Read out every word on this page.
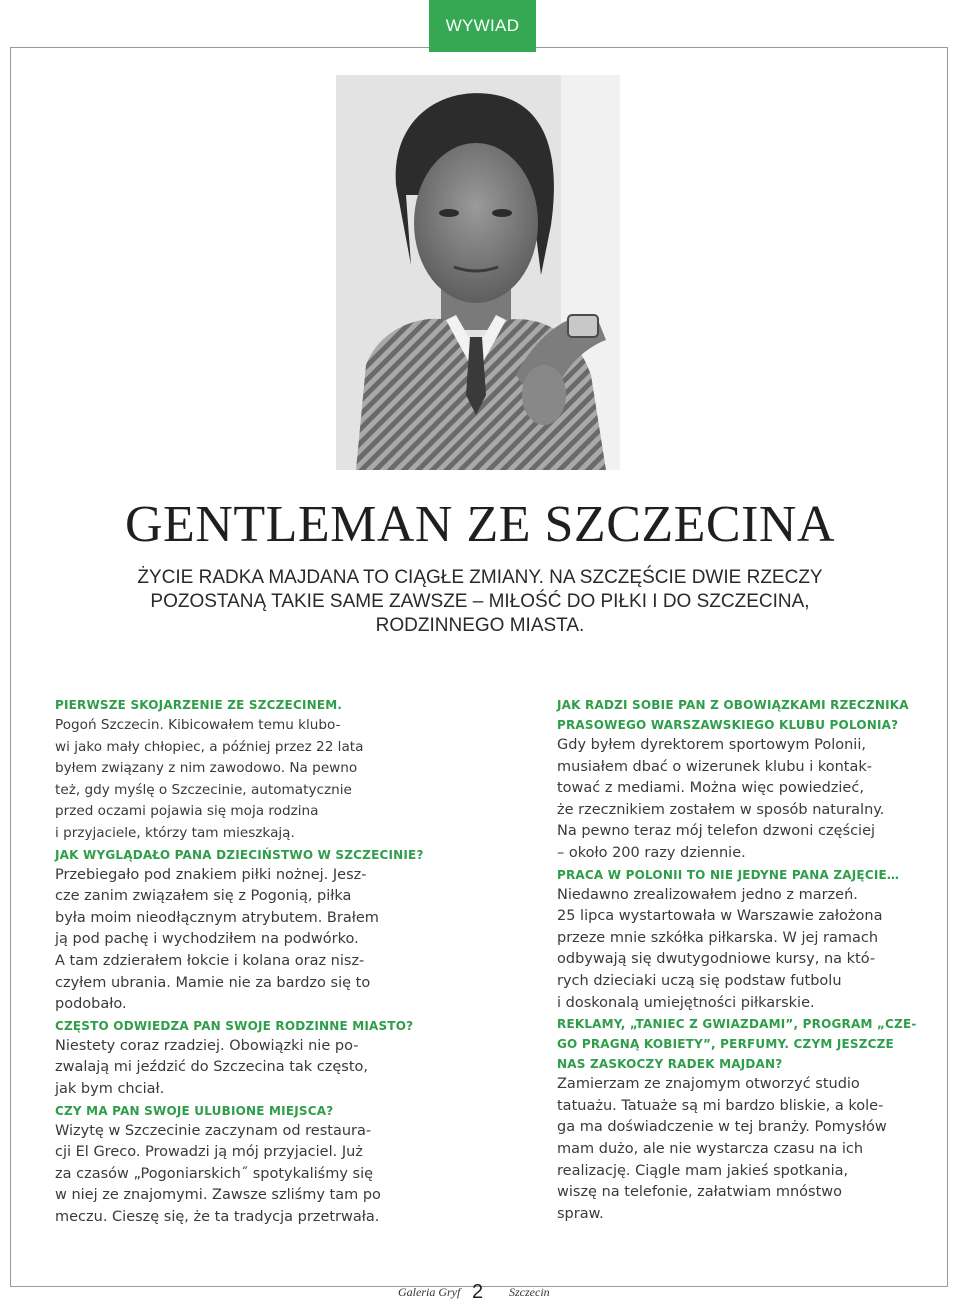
WYWIAD
GENTLEMAN ZE SZCZECINA
ŻYCIE RADKA MAJDANA TO CIĄGŁE ZMIANY. NA SZCZĘŚCIE DWIE RZECZY
POZOSTANĄ TAKIE SAME ZAWSZE – MIŁOŚĆ DO PIŁKI I DO SZCZECINA,
RODZINNEGO MIASTA.
PIERWSZE SKOJARZENIE ZE SZCZECINEM.
Pogoń Szczecin. Kibicowałem temu klubo-
wi jako mały chłopiec, a później przez 22 lata
byłem związany z nim zawodowo. Na pewno
też, gdy myślę o Szczecinie, automatycznie
przed oczami pojawia się moja rodzina
i przyjaciele, którzy tam mieszkają.
JAK WYGLĄDAŁO PANA DZIECIŃSTWO W SZCZECINIE?
Przebiegało pod znakiem piłki nożnej. Jesz-
cze zanim związałem się z Pogonią, piłka
była moim nieodłącznym atrybutem. Brałem
ją pod pachę i wychodziłem na podwórko.
A tam zdzierałem łokcie i kolana oraz nisz-
czyłem ubrania. Mamie nie za bardzo się to
podobało.
CZĘSTO ODWIEDZA PAN SWOJE RODZINNE MIASTO?
Niestety coraz rzadziej. Obowiązki nie po-
zwalają mi jeździć do Szczecina tak często,
jak bym chciał.
CZY MA PAN SWOJE ULUBIONE MIEJSCA?
Wizytę w Szczecinie zaczynam od restaura-
cji El Greco. Prowadzi ją mój przyjaciel. Już
za czasów „Pogoniarskich˝ spotykaliśmy się
w niej ze znajomymi. Zawsze szliśmy tam po
meczu. Cieszę się, że ta tradycja przetrwała.
JAK RADZI SOBIE PAN Z OBOWIĄZKAMI RZECZNIKA
PRASOWEGO WARSZAWSKIEGO KLUBU POLONIA?
Gdy byłem dyrektorem sportowym Polonii,
musiałem dbać o wizerunek klubu i kontak-
tować z mediami. Można więc powiedzieć,
że rzecznikiem zostałem w sposób naturalny.
Na pewno teraz mój telefon dzwoni częściej
– około 200 razy dziennie.
PRACA W POLONII TO NIE JEDYNE PANA ZAJĘCIE…
Niedawno zrealizowałem jedno z marzeń.
25 lipca wystartowała w Warszawie założona
przeze mnie szkółka piłkarska. W jej ramach
odbywają się dwutygodniowe kursy, na któ-
rych dzieciaki uczą się podstaw futbolu
i doskonalą umiejętności piłkarskie.
REKLAMY, „TANIEC Z GWIAZDAMI”, PROGRAM „CZE-
GO PRAGNĄ KOBIETY”, PERFUMY. CZYM JESZCZE
NAS ZASKOCZY RADEK MAJDAN?
Zamierzam ze znajomym otworzyć studio
tatuażu. Tatuaże są mi bardzo bliskie, a kole-
ga ma doświadczenie w tej branży. Pomysłów
mam dużo, ale nie wystarcza czasu na ich
realizację. Ciągle mam jakieś spotkania,
wiszę na telefonie, załatwiam mnóstwo
spraw.
Galeria Gryf 2 Szczecin
